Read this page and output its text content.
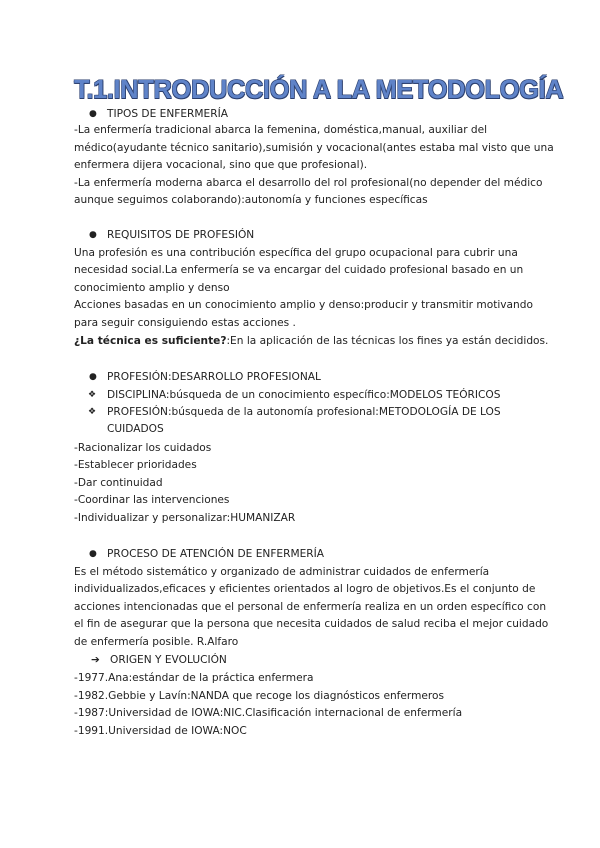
T.1.INTRODUCCIÓN A LA METODOLOGÍA
● TIPOS DE ENFERMERÍA
-La enfermería tradicional abarca la femenina, doméstica,manual, auxiliar del
médico(ayudante técnico sanitario),sumisión y vocacional(antes estaba mal visto que una
enfermera dijera vocacional, sino que que profesional).
-La enfermería moderna abarca el desarrollo del rol profesional(no depender del médico
aunque seguimos colaborando):autonomía y funciones específicas
● REQUISITOS DE PROFESIÓN
Una profesión es una contribución específica del grupo ocupacional para cubrir una
necesidad social.La enfermería se va encargar del cuidado profesional basado en un
conocimiento amplio y denso
Acciones basadas en un conocimiento amplio y denso:producir y transmitir motivando
para seguir consiguiendo estas acciones .
¿La técnica es suficiente?:En la aplicación de las técnicas los fines ya están decididos.
● PROFESIÓN:DESARROLLO PROFESIONAL
❖ DISCIPLINA:búsqueda de un conocimiento específico:MODELOS TEÓRICOS
❖ PROFESIÓN:búsqueda de la autonomía profesional:METODOLOGÍA DE LOS
CUIDADOS
-Racionalizar los cuidados
-Establecer prioridades
-Dar continuidad
-Coordinar las intervenciones
-Individualizar y personalizar:HUMANIZAR
● PROCESO DE ATENCIÓN DE ENFERMERÍA
Es el método sistemático y organizado de administrar cuidados de enfermería
individualizados,eficaces y eficientes orientados al logro de objetivos.Es el conjunto de
acciones intencionadas que el personal de enfermería realiza en un orden específico con
el fin de asegurar que la persona que necesita cuidados de salud reciba el mejor cuidado
de enfermería posible. R.Alfaro
➔ ORIGEN Y EVOLUCIÓN
-1977.Ana:estándar de la práctica enfermera
-1982.Gebbie y Lavín:NANDA que recoge los diagnósticos enfermeros
-1987:Universidad de IOWA:NIC.Clasificación internacional de enfermería
-1991.Universidad de IOWA:NOC
